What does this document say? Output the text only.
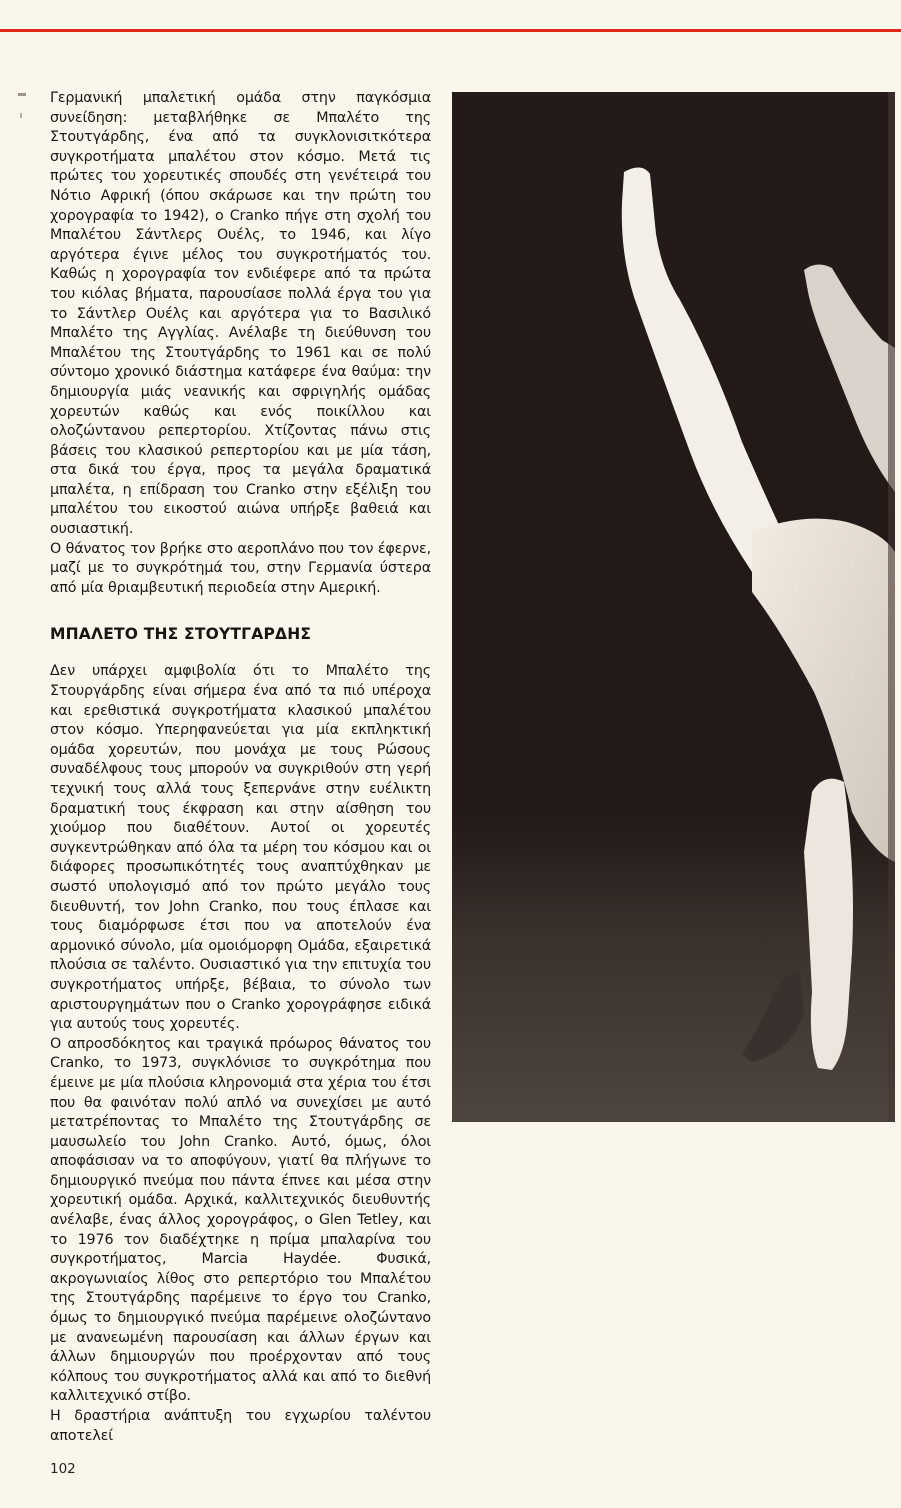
Γερμανική μπαλετική ομάδα στην παγκόσμια συνείδηση: μεταβλήθηκε σε Μπαλέτο της Στουτγάρδης, ένα από τα συγκλονισιτκότερα συγκροτήματα μπαλέτου στον κόσμο. Μετά τις πρώτες του χορευτικές σπουδές στη γενέτειρά του Νότιο Αφρική (όπου σκάρωσε και την πρώτη του χορογραφία το 1942), ο Cranko πήγε στη σχολή του Μπαλέτου Σάντλερς Ουέλς, το 1946, και λίγο αργότερα έγινε μέλος του συγκροτήματός του. Καθώς η χορογραφία τον ενδιέφερε από τα πρώτα του κιόλας βήματα, παρουσίασε πολλά έργα του για το Σάντλερ Ουέλς και αργότερα για το Βασιλικό Μπαλέτο της Αγγλίας. Ανέλαβε τη διεύθυνση του Μπαλέτου της Στουτγάρδης το 1961 και σε πολύ σύντομο χρονικό διάστημα κατάφερε ένα θαύμα: την δημιουργία μιάς νεανικής και σφριγηλής ομάδας χορευτών καθώς και ενός ποικίλλου και ολοζώντανου ρεπερτορίου. Χτίζοντας πάνω στις βάσεις του κλασικού ρεπερτορίου και με μία τάση, στα δικά του έργα, προς τα μεγάλα δραματικά μπαλέτα, η επίδραση του Cranko στην εξέλιξη του μπαλέτου του εικοστού αιώνα υπήρξε βαθειά και ουσιαστική.

Ο θάνατος τον βρήκε στο αεροπλάνο που τον έφερνε, μαζί με το συγκρότημά του, στην Γερμανία ύστερα από μία θριαμβευτική περιοδεία στην Αμερική.

ΜΠΑΛΕΤΟ ΤΗΣ ΣΤΟΥΤΓΑΡΔΗΣ

Δεν υπάρχει αμφιβολία ότι το Μπαλέτο της Στουργάρδης είναι σήμερα ένα από τα πιό υπέροχα και ερεθιστικά συγκροτήματα κλασικού μπαλέτου στον κόσμο. Υπερηφανεύεται για μία εκπληκτική ομάδα χορευτών, που μονάχα με τους Ρώσους συναδέλφους τους μπορούν να συγκριθούν στη γερή τεχνική τους αλλά τους ξεπερνάνε στην ευέλικτη δραματική τους έκφραση και στην αίσθηση του χιούμορ που διαθέτουν. Αυτοί οι χορευτές συγκεντρώθηκαν από όλα τα μέρη του κόσμου και οι διάφορες προσωπικότητές τους αναπτύχθηκαν με σωστό υπολογισμό από τον πρώτο μεγάλο τους διευθυντή, τον John Cranko, που τους έπλασε και τους διαμόρφωσε έτσι που να αποτελούν ένα αρμονικό σύνολο, μία ομοιόμορφη Ομάδα, εξαιρετικά πλούσια σε ταλέντο. Ουσιαστικό για την επιτυχία του συγκροτήματος υπήρξε, βέβαια, το σύνολο των αριστουργημάτων που ο Cranko χορογράφησε ειδικά για αυτούς τους χορευτές.

Ο απροσδόκητος και τραγικά πρόωρος θάνατος του Cranko, το 1973, συγκλόνισε το συγκρότημα που έμεινε με μία πλούσια κληρονομιά στα χέρια του έτσι που θα φαινόταν πολύ απλό να συνεχίσει με αυτό μετατρέποντας το Μπαλέτο της Στουτγάρδης σε μαυσωλείο του John Cranko. Αυτό, όμως, όλοι αποφάσισαν να το αποφύγουν, γιατί θα πλήγωνε το δημιουργικό πνεύμα που πάντα έπνεε και μέσα στην χορευτική ομάδα. Αρχικά, καλλιτεχνικός διευθυντής ανέλαβε, ένας άλλος χορογράφος, ο Glen Tetley, και το 1976 τον διαδέχτηκε η πρίμα μπαλαρίνα του συγκροτήματος, Marcia Haydée. Φυσικά, ακρογωνιαίος λίθος στο ρεπερτόριο του Μπαλέτου της Στουτγάρδης παρέμεινε το έργο του Cranko, όμως το δημιουργικό πνεύμα παρέμεινε ολοζώντανο με ανανεωμένη παρουσίαση και άλλων έργων και άλλων δημιουργών που προέρχονταν από τους κόλπους του συγκροτήματος αλλά και από το διεθνή καλλιτεχνικό στίβο.

Η δραστήρια ανάπτυξη του εγχωρίου ταλέντου αποτελεί

102
